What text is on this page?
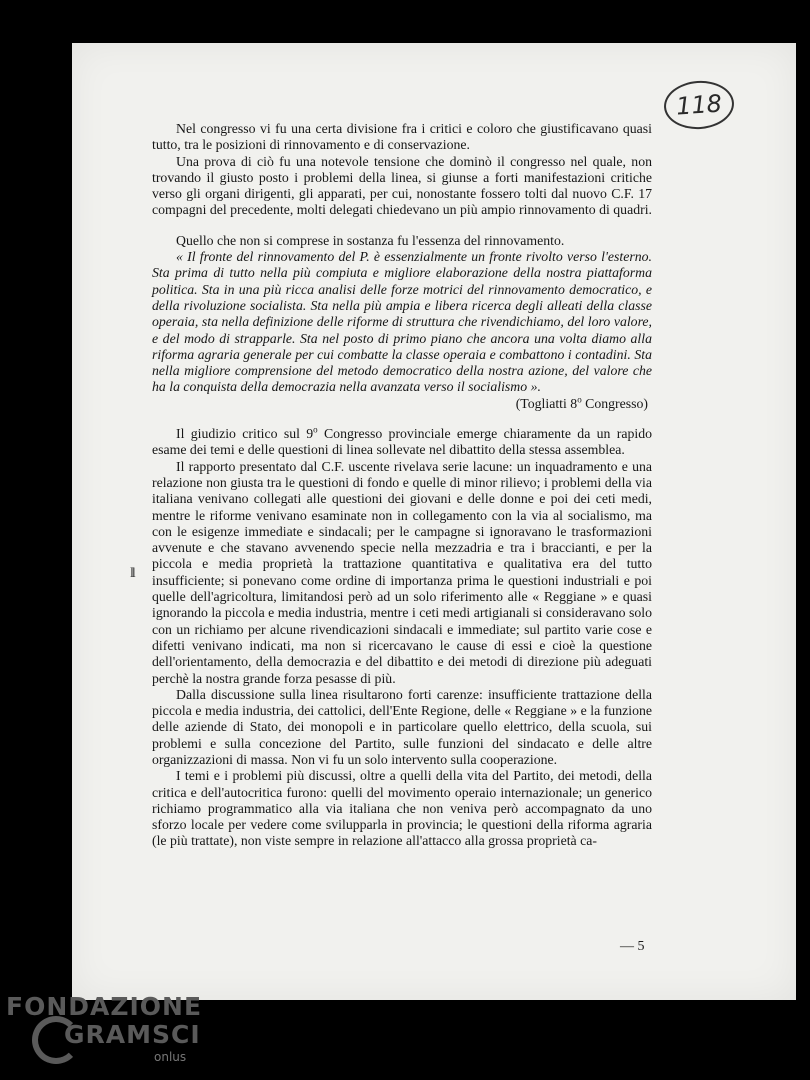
118
ll

Nel congresso vi fu una certa divisione fra i critici e coloro che giustificavano quasi tutto, tra le posizioni di rinnovamento e di conservazione.

Una prova di ciò fu una notevole tensione che dominò il congresso nel quale, non trovando il giusto posto i problemi della linea, si giunse a forti manifestazioni critiche verso gli organi dirigenti, gli apparati, per cui, nonostante fossero tolti dal nuovo C.F. 17 compagni del precedente, molti delegati chiedevano un più ampio rinnovamento di quadri.

Quello che non si comprese in sostanza fu l'essenza del rinnovamento.

« Il fronte del rinnovamento del P. è essenzialmente un fronte rivolto verso l'esterno. Sta prima di tutto nella più compiuta e migliore elaborazione della nostra piattaforma politica. Sta in una più ricca analisi delle forze motrici del rinnovamento democratico, e della rivoluzione socialista. Sta nella più ampia e libera ricerca degli alleati della classe operaia, sta nella definizione delle riforme di struttura che rivendichiamo, del loro valore, e del modo di strapparle. Sta nel posto di primo piano che ancora una volta diamo alla riforma agraria generale per cui combatte la classe operaia e combattono i contadini. Sta nella migliore comprensione del metodo democratico della nostra azione, del valore che ha la conquista della democrazia nella avanzata verso il socialismo ».

(Togliatti 8$^o$ Congresso)

Il giudizio critico sul 9$^o$ Congresso provinciale emerge chiaramente da un rapido esame dei temi e delle questioni di linea sollevate nel dibattito della stessa assemblea.

Il rapporto presentato dal C.F. uscente rivelava serie lacune: un inquadramento e una relazione non giusta tra le questioni di fondo e quelle di minor rilievo; i problemi della via italiana venivano collegati alle questioni dei giovani e delle donne e poi dei ceti medi, mentre le riforme venivano esaminate non in collegamento con la via al socialismo, ma con le esigenze immediate e sindacali; per le campagne si ignoravano le trasformazioni avvenute e che stavano avvenendo specie nella mezzadria e tra i braccianti, e per la piccola e media proprietà la trattazione quantitativa e qualitativa era del tutto insufficiente; si ponevano come ordine di importanza prima le questioni industriali e poi quelle dell'agricoltura, limitandosi però ad un solo riferimento alle « Reggiane » e quasi ignorando la piccola e media industria, mentre i ceti medi artigianali si consideravano solo con un richiamo per alcune rivendicazioni sindacali e immediate; sul partito varie cose e difetti venivano indicati, ma non si ricercavano le cause di essi e cioè la questione dell'orientamento, della democrazia e del dibattito e dei metodi di direzione più adeguati perchè la nostra grande forza pesasse di più.

Dalla discussione sulla linea risultarono forti carenze: insufficiente trattazione della piccola e media industria, dei cattolici, dell'Ente Regione, delle « Reggiane » e la funzione delle aziende di Stato, dei monopoli e in particolare quello elettrico, della scuola, sui problemi e sulla concezione del Partito, sulle funzioni del sindacato e delle altre organizzazioni di massa. Non vi fu un solo intervento sulla cooperazione.

I temi e i problemi più discussi, oltre a quelli della vita del Partito, dei metodi, della critica e dell'autocritica furono: quelli del movimento operaio internazionale; un generico richiamo programmatico alla via italiana che non veniva però accompagnato da uno sforzo locale per vedere come svilupparla in provincia; le questioni della riforma agraria (le più trattate), non viste sempre in relazione all'attacco alla grossa proprietà ca-

— 5
FONDAZIONE
GRAMSCI
onlus
